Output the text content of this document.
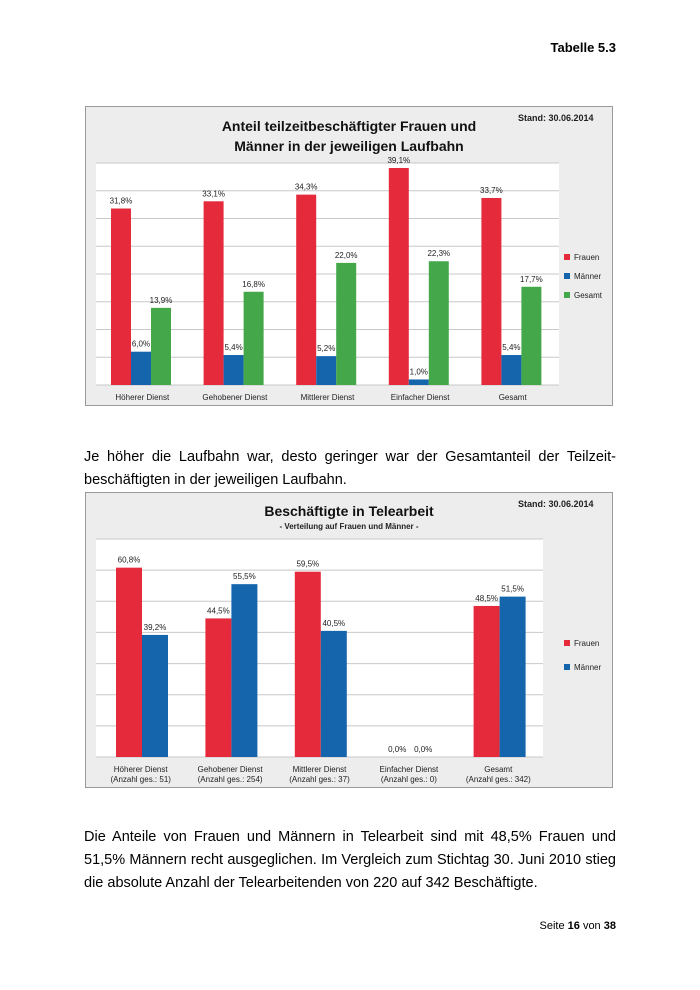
Tabelle 5.3
Anteil teilzeitbeschäftigter Frauen und
Männer in der jeweiligen Laufbahn
Stand: 30.06.2014
31,8%
33,1%
34,3%
39,1%
33,7%
6,0%	5,4%	5,2%
1,0%
5,4%
13,9%
16,8%
22,0%	22,3%
17,7%
Höherer Dienst	Gehobener Dienst	Mittlerer Dienst	Einfacher Dienst	Gesamt
Frauen
Männer
Gesamt

Je höher die Laufbahn war, desto geringer war der Gesamtanteil der Teilzeit-beschäftigten in der jeweiligen Laufbahn.

Beschäftigte in Telearbeit
- Verteilung auf Frauen und Männer -
Stand: 30.06.2014
60,8%
44,5%
59,5%
0,0%
48,5%
39,2%
55,5%
40,5%
0,0%
51,5%
Höherer Dienst
(Anzahl ges.: 51)
Gehobener Dienst
(Anzahl ges.: 254)
Mittlerer Dienst
(Anzahl ges.: 37)
Einfacher Dienst
(Anzahl ges.: 0)
Gesamt
(Anzahl ges.: 342)
Frauen
Männer

Die Anteile von Frauen und Männern in Telearbeit sind mit 48,5% Frauen und 51,5% Männern recht ausgeglichen. Im Vergleich zum Stichtag 30. Juni 2010 stieg die absolute Anzahl der Telearbeitenden von 220 auf 342 Beschäftigte.

Seite 16 von 38
